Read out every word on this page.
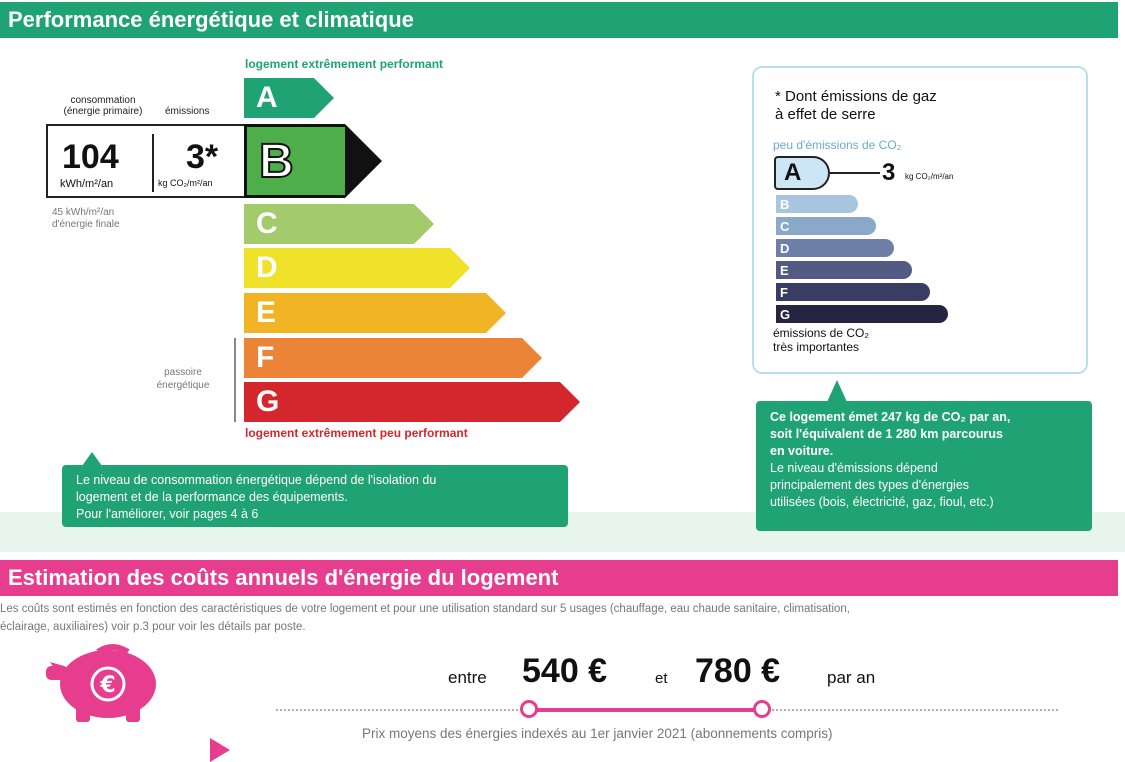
Performance énergétique et climatique
logement extrêmement performant
consommation
(énergie primaire)	émissions
104
kWh/m²/an
3*
kg CO₂/m²/an
45 kWh/m²/an
d'énergie finale
A
B
C
D
E
F
G
passoire
énergétique
logement extrêmement peu performant
Le niveau de consommation énergétique dépend de l'isolation du
logement et de la performance des équipements.
Pour l'améliorer, voir pages 4 à 6
* Dont émissions de gaz
à effet de serre
peu d'émissions de CO₂
A	3 kg CO₂/m²/an
B
C
D
E
F
G
émissions de CO₂
très importantes
Ce logement émet 247 kg de CO₂ par an,
soit l'équivalent de 1 280 km parcourus
en voiture.
Le niveau d'émissions dépend
principalement des types d'énergies
utilisées (bois, électricité, gaz, fioul, etc.)
Estimation des coûts annuels d'énergie du logement
Les coûts sont estimés en fonction des caractéristiques de votre logement et pour une utilisation standard sur 5 usages (chauffage, eau chaude sanitaire, climatisation,
éclairage, auxiliaires) voir p.3 pour voir les détails par poste.
€	entre 540 €	et 780 €	par an
Prix moyens des énergies indexés au 1er janvier 2021 (abonnements compris)
